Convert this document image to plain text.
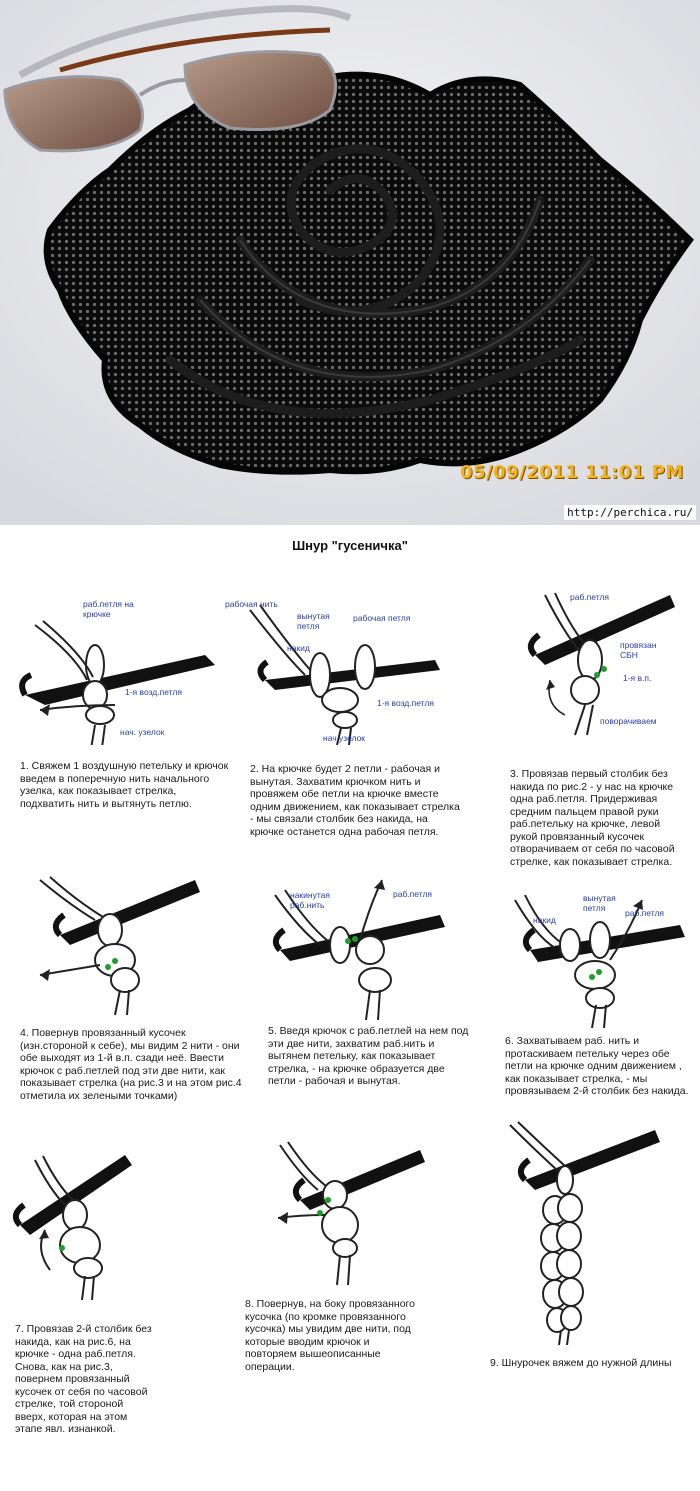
05/09/2011 11:01 PM
http://perchica.ru/
Шнур "гусеничка"
раб.петля на крючке
1-я возд.петля
нач. узелок
1. Свяжем 1 воздушную петельку и крючок введем в поперечную нить начального узелка, как показывает стрелка, подхватить нить и вытянуть петлю.
рабочая нить
вынутая петля
рабочая петля
накид
1-я возд.петля
нач.узелок
2. На крючке будет 2 петли - рабочая и вынутая. Захватим крючком нить и провяжем обе петли на крючке вместе одним движением, как показывает стрелка - мы связали столбик без накида, на крючке останется одна рабочая петля.
раб.петля
провязан СБН
1-я в.п.
поворачиваем
3. Провязав первый столбик без накида по рис.2 - у нас на крючке одна раб.петля. Придерживая средним пальцем правой руки раб.петельку на крючке, левой рукой провязанный кусочек отворачиваем от себя по часовой стрелке, как показывает стрелка.
4. Повернув провязанный кусочек (изн.стороной к себе), мы видим 2 нити - они обе выходят из 1-й в.п. сзади неё. Ввести крючок с раб.петлей под эти две нити, как показывает стрелка (на рис.3 и на этом рис.4 отметила их зелеными точками)
накинутая раб.нить
раб.петля
5. Введя крючок с раб.петлей на нем под эти две нити, захватим раб.нить и вытянем петельку, как показывает стрелка, - на крючке образуется две петли - рабочая и вынутая.
вынутая петля
накид
раб.петля
6. Захватываем раб. нить и протаскиваем петельку через обе петли на крючке одним движением , как показывает стрелка, - мы провязываем 2-й столбик без накида.
7. Провязав 2-й столбик без накида, как на рис.6, на крючке - одна раб.петля. Снова, как на рис.3, повернем провязанный кусочек от себя по часовой стрелке, той стороной вверх, которая на этом этапе явл. изнанкой.
8. Повернув, на боку провязанного кусочка (по кромке провязанного кусочка) мы увидим две нити, под которые вводим крючок и повторяем вышеописанные операции.	9. Шнурочек вяжем до нужной длины
